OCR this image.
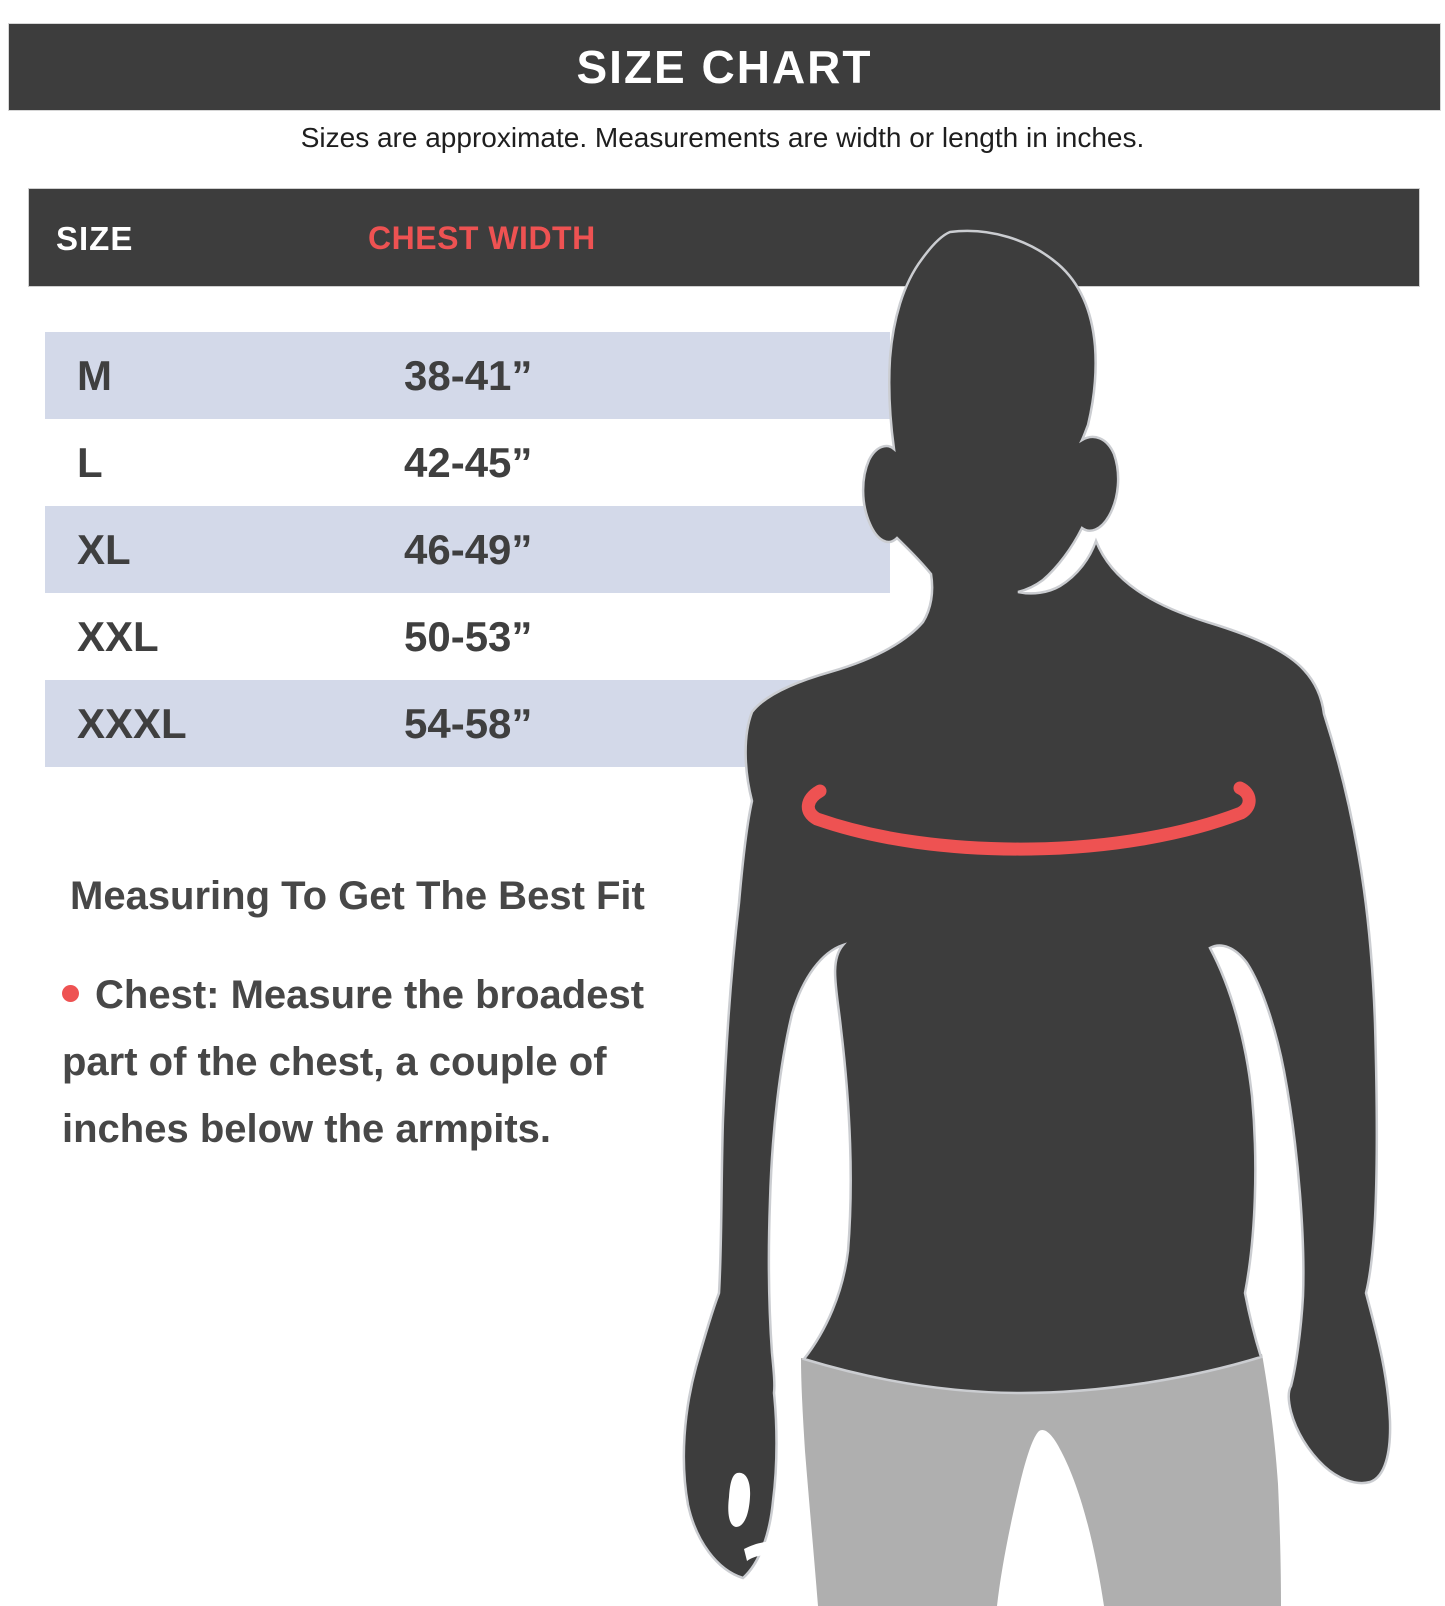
SIZE CHART
Sizes are approximate. Measurements are width or length in inches.
SIZE	CHEST WIDTH
M	38-41”
L	42-45”
XL	46-49”
XXL	50-53”
XXXL	54-58”
Measuring To Get The Best Fit
Chest: Measure the broadest
part of the chest, a couple of
inches below the armpits.
